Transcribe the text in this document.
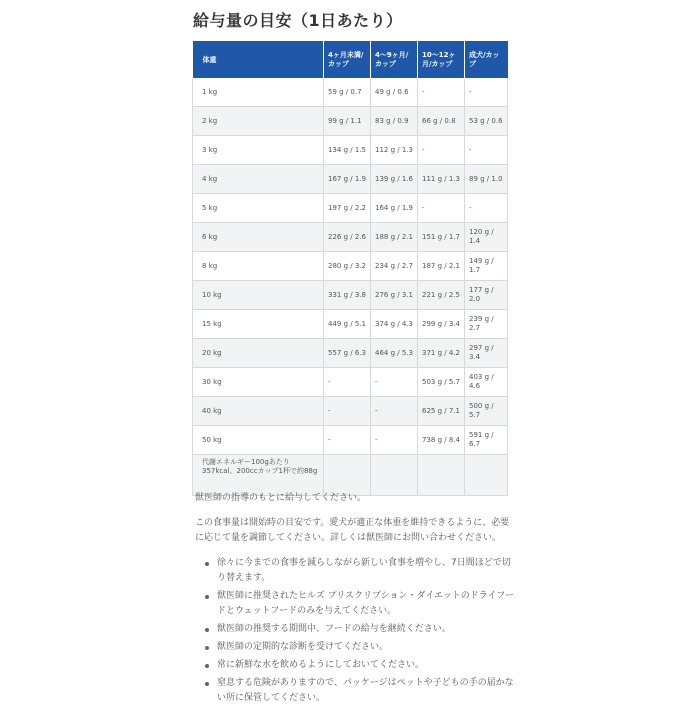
給与量の目安（1日あたり）
体重	4ヶ月未満/カップ	4〜9ヶ月/カップ	10〜12ヶ月/カップ	成犬/カップ
1 kg	59 g / 0.7	49 g / 0.6	-	-
2 kg	99 g / 1.1	83 g / 0.9	66 g / 0.8	53 g / 0.6
3 kg	134 g / 1.5	112 g / 1.3	-	-
4 kg	167 g / 1.9	139 g / 1.6	111 g / 1.3	89 g / 1.0
5 kg	197 g / 2.2	164 g / 1.9	-	-
6 kg	226 g / 2.6	188 g / 2.1	151 g / 1.7	120 g / 1.4
8 kg	280 g / 3.2	234 g / 2.7	187 g / 2.1	149 g / 1.7
10 kg	331 g / 3.8	276 g / 3.1	221 g / 2.5	177 g / 2.0
15 kg	449 g / 5.1	374 g / 4.3	299 g / 3.4	239 g / 2.7
20 kg	557 g / 6.3	464 g / 5.3	371 g / 4.2	297 g / 3.4
30 kg	-	-	503 g / 5.7	403 g / 4.6
40 kg	-	-	625 g / 7.1	500 g / 5.7
50 kg	-	-	738 g / 8.4	591 g / 6.7
代謝エネルギー100gあたり357kcal、200ccカップ1杯で約88g				

獣医師の指導のもとに給与してください。

この食事量は開始時の目安です。愛犬が適正な体重を維持できるように、必要に応じて量を調節してください。詳しくは獣医師にお問い合わせください。

徐々に今までの食事を減らしながら新しい食事を増やし、7日間ほどで切り替えます。
獣医師に推奨されたヒルズ プリスクリプション・ダイエットのドライフードとウェットフードのみを与えてください。
獣医師の推奨する期間中、フードの給与を継続ください。
獣医師の定期的な診断を受けてください。
常に新鮮な水を飲めるようにしておいてください。
窒息する危険がありますので、パッケージはペットや子どもの手の届かない所に保管してください。
